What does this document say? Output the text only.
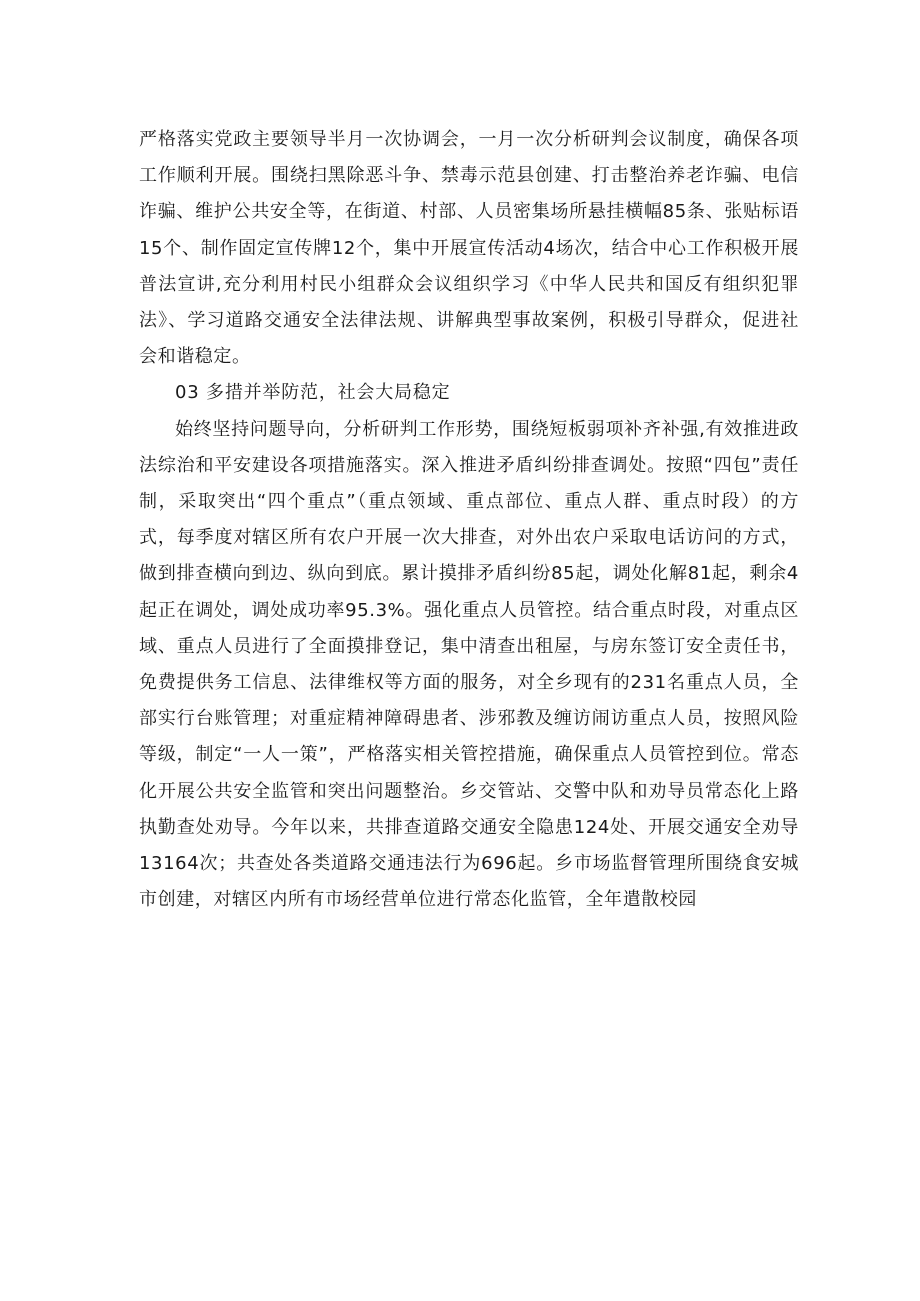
严格落实党政主要领导半月一次协调会，一月一次分析研判会议制度，确保各项工作顺利开展。围绕扫黑除恶斗争、禁毒示范县创建、打击整治养老诈骗、电信诈骗、维护公共安全等，在街道、村部、人员密集场所悬挂横幅85条、张贴标语15个、制作固定宣传牌12个，集中开展宣传活动4场次，结合中心工作积极开展普法宣讲,充分利用村民小组群众会议组织学习《中华人民共和国反有组织犯罪法》、学习道路交通安全法律法规、讲解典型事故案例，积极引导群众，促进社会和谐稳定。

03 多措并举防范，社会大局稳定

始终坚持问题导向，分析研判工作形势，围绕短板弱项补齐补强,有效推进政法综治和平安建设各项措施落实。深入推进矛盾纠纷排查调处。按照“四包”责任制，采取突出“四个重点”（重点领域、重点部位、重点人群、重点时段）的方式，每季度对辖区所有农户开展一次大排查，对外出农户采取电话访问的方式，做到排查横向到边、纵向到底。累计摸排矛盾纠纷85起，调处化解81起，剩余4起正在调处，调处成功率95.3%。强化重点人员管控。结合重点时段，对重点区域、重点人员进行了全面摸排登记，集中清查出租屋，与房东签订安全责任书，免费提供务工信息、法律维权等方面的服务，对全乡现有的231名重点人员，全部实行台账管理；对重症精神障碍患者、涉邪教及缠访闹访重点人员，按照风险等级，制定“一人一策”，严格落实相关管控措施，确保重点人员管控到位。常态化开展公共安全监管和突出问题整治。乡交管站、交警中队和劝导员常态化上路执勤查处劝导。今年以来，共排查道路交通安全隐患124处、开展交通安全劝导13164次；共查处各类道路交通违法行为696起。乡市场监督管理所围绕食安城市创建，对辖区内所有市场经营单位进行常态化监管，全年遣散校园
